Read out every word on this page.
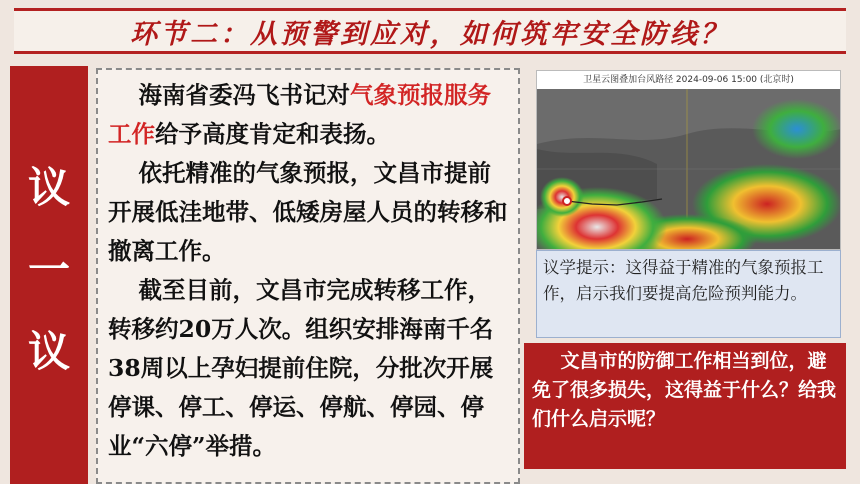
环节二：从预警到应对，如何筑牢安全防线？
议
一
议

海南省委冯飞书记对气象预报服务工作给予高度肯定和表扬。

依托精准的气象预报，文昌市提前开展低洼地带、低矮房屋人员的转移和撤离工作。

截至目前，文昌市完成转移工作，转移约20万人次。组织安排海南千名38周以上孕妇提前住院，分批次开展停课、停工、停运、停航、停园、停业“六停”举措。

卫星云图叠加台风路径 2024-09-06 15:00 (北京时)
议学提示：这得益于精准的气象预报工作，启示我们要提高危险预判能力。
文昌市的防御工作相当到位，避免了很多损失，这得益于什么？给我们什么启示呢？
